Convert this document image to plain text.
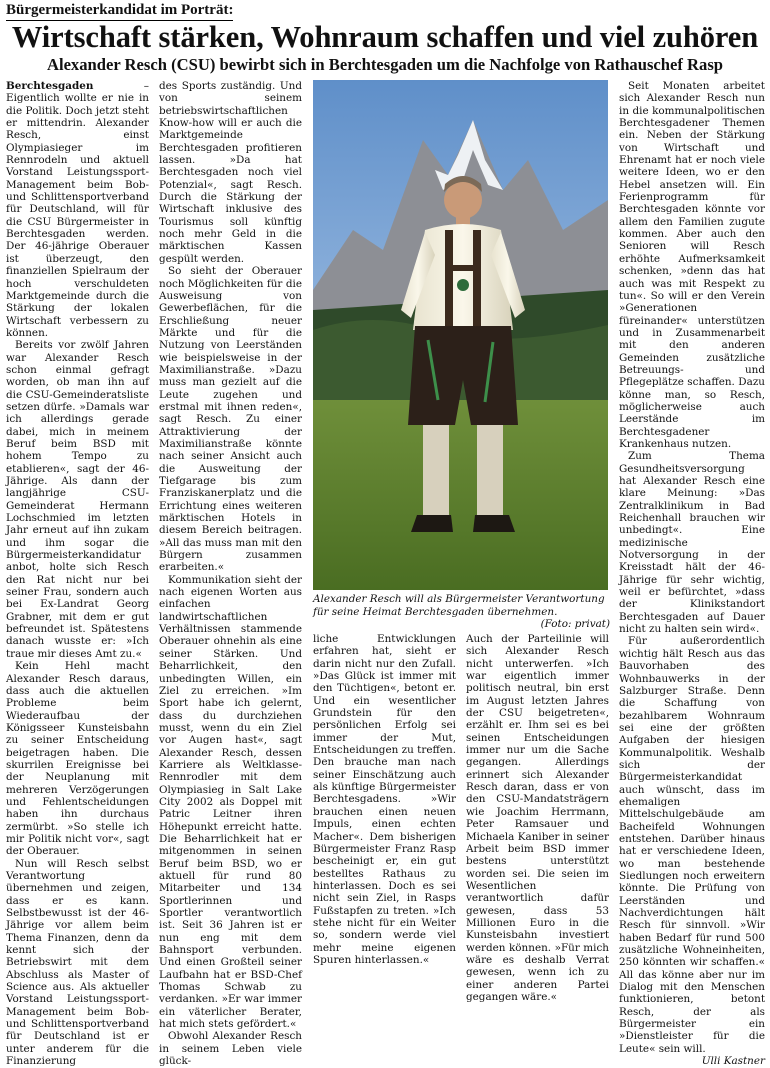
Bürgermeisterkandidat im Porträt:
Wirtschaft stärken, Wohnraum schaffen und viel zuhören
Alexander Resch (CSU) bewirbt sich in Berchtesgaden um die Nachfolge von Rathauschef Rasp

Berchtesgaden – Eigentlich wollte er nie in die Politik. Doch jetzt steht er mittendrin. Alexander Resch, einst Olympiasieger im Rennrodeln und aktuell Vorstand Leistungssport-Management beim Bob- und Schlittensportverband für Deutschland, will für die CSU Bürgermeister in Berchtesgaden werden. Der 46-jährige Oberauer ist überzeugt, den finanziellen Spielraum der hoch verschuldeten Marktgemeinde durch die Stärkung der lokalen Wirtschaft verbessern zu können.

Bereits vor zwölf Jahren war Alexander Resch schon einmal gefragt worden, ob man ihn auf die CSU-Gemeinderatsliste setzen dürfe. »Damals war ich allerdings gerade dabei, mich in meinem Beruf beim BSD mit hohem Tempo zu etablieren«, sagt der 46-Jährige. Als dann der langjährige CSU-Gemeinderat Hermann Lochschmied im letzten Jahr erneut auf ihn zukam und ihm sogar die Bürgermeisterkandidatur anbot, holte sich Resch den Rat nicht nur bei seiner Frau, sondern auch bei Ex-Landrat Georg Grabner, mit dem er gut befreundet ist. Spätestens danach wusste er: »Ich traue mir dieses Amt zu.«

Kein Hehl macht Alexander Resch daraus, dass auch die aktuellen Probleme beim Wiederaufbau der Königsseer Kunsteisbahn zu seiner Entscheidung beigetragen haben. Die skurrilen Ereignisse bei der Neuplanung mit mehreren Verzögerungen und Fehlentscheidungen haben ihn durchaus zermürbt. »So stelle ich mir Politik nicht vor«, sagt der Oberauer.

Nun will Resch selbst Verantwortung übernehmen und zeigen, dass er es kann. Selbstbewusst ist der 46-Jährige vor allem beim Thema Finanzen, denn da kennt sich der Betriebswirt mit dem Abschluss als Master of Science aus. Als aktueller Vorstand Leistungssport-Management beim Bob- und Schlittensportverband für Deutschland ist er unter anderem für die Finanzierung

des Sports zuständig. Und von seinem betriebswirtschaftlichen Know-how will er auch die Marktgemeinde Berchtesgaden profitieren lassen. »Da hat Berchtesgaden noch viel Potenzial«, sagt Resch. Durch die Stärkung der Wirtschaft inklusive des Tourismus soll künftig noch mehr Geld in die märktischen Kassen gespült werden.

So sieht der Oberauer noch Möglichkeiten für die Ausweisung von Gewerbeflächen, für die Erschließung neuer Märkte und für die Nutzung von Leerständen wie beispielsweise in der Maximilianstraße. »Dazu muss man gezielt auf die Leute zugehen und erstmal mit ihnen reden«, sagt Resch. Zu einer Attraktivierung der Maximilianstraße könnte nach seiner Ansicht auch die Ausweitung der Tiefgarage bis zum Franziskanerplatz und die Errichtung eines weiteren märktischen Hotels in diesem Bereich beitragen. »All das muss man mit den Bürgern zusammen erarbeiten.«

Kommunikation sieht der nach eigenen Worten aus einfachen landwirtschaftlichen Verhältnissen stammende Oberauer ohnehin als eine seiner Stärken. Und Beharrlichkeit, den unbedingten Willen, ein Ziel zu erreichen. »Im Sport habe ich gelernt, dass du durchziehen musst, wenn du ein Ziel vor Augen hast«, sagt Alexander Resch, dessen Karriere als Weltklasse-Rennrodler mit dem Olympiasieg in Salt Lake City 2002 als Doppel mit Patric Leitner ihren Höhepunkt erreicht hatte. Die Beharrlichkeit hat er mitgenommen in seinen Beruf beim BSD, wo er aktuell für rund 80 Mitarbeiter und 134 Sportlerinnen und Sportler verantwortlich ist. Seit 36 Jahren ist er nun eng mit dem Bahnsport verbunden. Und einen Großteil seiner Laufbahn hat er BSD-Chef Thomas Schwab zu verdanken. »Er war immer ein väterlicher Berater, hat mich stets gefördert.«

Obwohl Alexander Resch in seinem Leben viele glück-

Alexander Resch will als Bürgermeister Verantwortung für seine Heimat Berchtesgaden übernehmen.
(Foto: privat)

liche Entwicklungen erfahren hat, sieht er darin nicht nur den Zufall. »Das Glück ist immer mit den Tüchtigen«, betont er. Und ein wesentlicher Grundstein für den persönlichen Erfolg sei immer der Mut, Entscheidungen zu treffen. Den brauche man nach seiner Einschätzung auch als künftige Bürgermeister Berchtesgadens. »Wir brauchen einen neuen Impuls, einen echten Macher«. Dem bisherigen Bürgermeister Franz Rasp bescheinigt er, ein gut bestelltes Rathaus zu hinterlassen. Doch es sei nicht sein Ziel, in Rasps Fußstapfen zu treten. »Ich stehe nicht für ein Weiter so, sondern werde viel mehr meine eigenen Spuren hinterlassen.«

Auch der Parteilinie will sich Alexander Resch nicht unterwerfen. »Ich war eigentlich immer politisch neutral, bin erst im August letzten Jahres der CSU beigetreten«, erzählt er. Ihm sei es bei seinen Entscheidungen immer nur um die Sache gegangen. Allerdings erinnert sich Alexander Resch daran, dass er von den CSU-Mandatsträgern wie Joachim Herrmann, Peter Ramsauer und Michaela Kaniber in seiner Arbeit beim BSD immer bestens unterstützt worden sei. Die seien im Wesentlichen verantwortlich dafür gewesen, dass 53 Millionen Euro in die Kunsteisbahn investiert werden können. »Für mich wäre es deshalb Verrat gewesen, wenn ich zu einer anderen Partei gegangen wäre.«

Seit Monaten arbeitet sich Alexander Resch nun in die kommunalpolitischen Berchtesgadener Themen ein. Neben der Stärkung von Wirtschaft und Ehrenamt hat er noch viele weitere Ideen, wo er den Hebel ansetzen will. Ein Ferienprogramm für Berchtesgaden könnte vor allem den Familien zugute kommen. Aber auch den Senioren will Resch erhöhte Aufmerksamkeit schenken, »denn das hat auch was mit Respekt zu tun«. So will er den Verein »Generationen füreinander« unterstützen und in Zusammenarbeit mit den anderen Gemeinden zusätzliche Betreuungs- und Pflegeplätze schaffen. Dazu könne man, so Resch, möglicherweise auch Leerstände im Berchtesgadener Krankenhaus nutzen.

Zum Thema Gesundheitsversorgung hat Alexander Resch eine klare Meinung: »Das Zentralklinikum in Bad Reichenhall brauchen wir unbedingt«. Eine medizinische Notversorgung in der Kreisstadt hält der 46-Jährige für sehr wichtig, weil er befürchtet, »dass der Klinikstandort Berchtesgaden auf Dauer nicht zu halten sein wird«.

Für außerordentlich wichtig hält Resch aus das Bauvorhaben des Wohnbauwerks in der Salzburger Straße. Denn die Schaffung von bezahlbarem Wohnraum sei eine der größten Aufgaben der hiesigen Kommunalpolitik. Weshalb sich der Bürgermeisterkandidat auch wünscht, dass im ehemaligen Mittelschulgebäude am Bacheifeld Wohnungen entstehen. Darüber hinaus hat er verschiedene Ideen, wo man bestehende Siedlungen noch erweitern könnte. Die Prüfung von Leerständen und Nachverdichtungen hält Resch für sinnvoll. »Wir haben Bedarf für rund 500 zusätzliche Wohneinheiten, 250 könnten wir schaffen.« All das könne aber nur im Dialog mit den Menschen funktionieren, betont Resch, der als Bürgermeister ein »Dienstleister für die Leute« sein will.

Ulli Kastner
